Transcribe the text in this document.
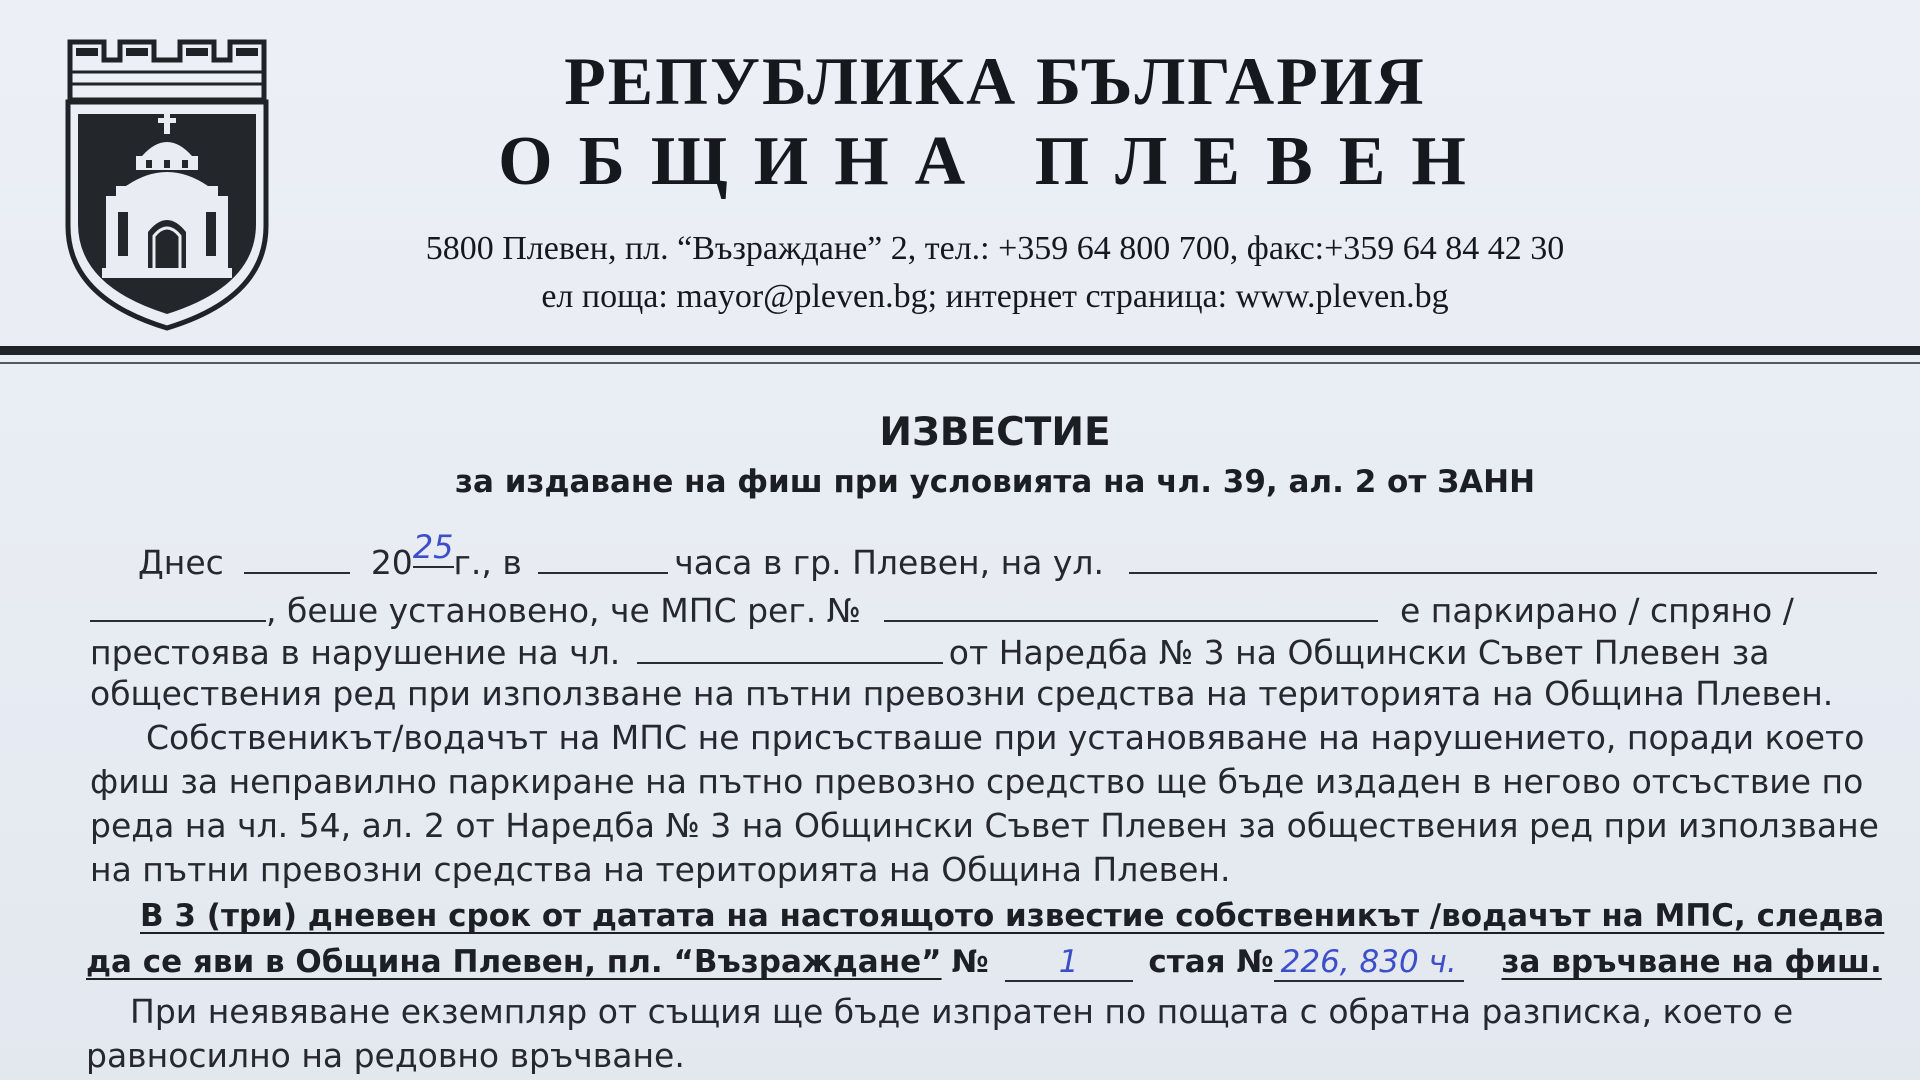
РЕПУБЛИКА БЪЛГАРИЯ
ОБЩИНА ПЛЕВЕН
5800 Плевен, пл. “Възраждане” 2, тел.: +359 64 800 700, факс:+359 64 84 42 30
ел поща: mayor@pleven.bg; интернет страница: www.pleven.bg
ИЗВЕСТИЕ
за издаване на фиш при условията на чл. 39, ал. 2 от ЗАНН
Днес	2025г., в	часа в гр. Плевен, на ул.
, беше установено, че МПС рег. №	е паркирано / спряно /
престоява в нарушение на чл.	от Наредба № 3 на Общински Съвет Плевен за
обществения ред при използване на пътни превозни средства на територията на Община Плевен.
Собственикът/водачът на МПС не присъстваше при установяване на нарушението, поради което
фиш за неправилно паркиране на пътно превозно средство ще бъде издаден в негово отсъствие по
реда на чл. 54, ал. 2 от Наредба № 3 на Общински Съвет Плевен за обществения ред при използване
на пътни превозни средства на територията на Община Плевен.
В 3 (три) дневен срок от датата на настоящото известие собственикът /водачът на МПС, следва
да се яви в Община Плевен, пл. “Възраждане” № 1 стая № 226, 830 ч. за връчване на фиш.
При неявяване екземпляр от същия ще бъде изпратен по пощата с обратна разписка, което е
равносилно на редовно връчване.
